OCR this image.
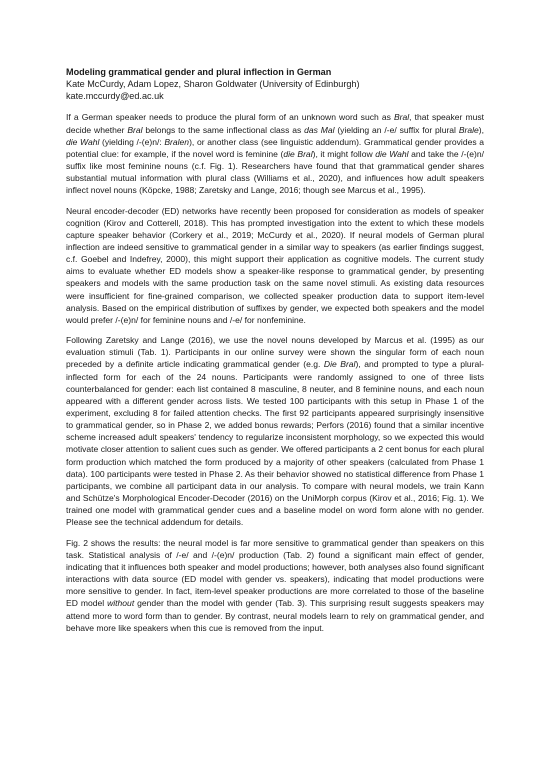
Modeling grammatical gender and plural inflection in German

Kate McCurdy, Adam Lopez, Sharon Goldwater (University of Edinburgh)

kate.mccurdy@ed.ac.uk

If a German speaker needs to produce the plural form of an unknown word such as Bral, that speaker must decide whether Bral belongs to the same inflectional class as das Mal (yielding an /-e/ suffix for plural Brale), die Wahl (yielding /-(e)n/: Bralen), or another class (see linguistic addendum). Grammatical gender provides a potential clue: for example, if the novel word is feminine (die Bral), it might follow die Wahl and take the /-(e)n/ suffix like most feminine nouns (c.f. Fig. 1). Researchers have found that that grammatical gender shares substantial mutual information with plural class (Williams et al., 2020), and influences how adult speakers inflect novel nouns (Köpcke, 1988; Zaretsky and Lange, 2016; though see Marcus et al., 1995).

Neural encoder-decoder (ED) networks have recently been proposed for consideration as models of speaker cognition (Kirov and Cotterell, 2018). This has prompted investigation into the extent to which these models capture speaker behavior (Corkery et al., 2019; McCurdy et al., 2020). If neural models of German plural inflection are indeed sensitive to grammatical gender in a similar way to speakers (as earlier findings suggest, c.f. Goebel and Indefrey, 2000), this might support their application as cognitive models. The current study aims to evaluate whether ED models show a speaker-like response to grammatical gender, by presenting speakers and models with the same production task on the same novel stimuli. As existing data resources were insufficient for fine-grained comparison, we collected speaker production data to support item-level analysis. Based on the empirical distribution of suffixes by gender, we expected both speakers and the model would prefer /-(e)n/ for feminine nouns and /-e/ for nonfeminine.

Following Zaretsky and Lange (2016), we use the novel nouns developed by Marcus et al. (1995) as our evaluation stimuli (Tab. 1). Participants in our online survey were shown the singular form of each noun preceded by a definite article indicating grammatical gender (e.g. Die Bral), and prompted to type a plural-inflected form for each of the 24 nouns. Participants were randomly assigned to one of three lists counterbalanced for gender: each list contained 8 masculine, 8 neuter, and 8 feminine nouns, and each noun appeared with a different gender across lists. We tested 100 participants with this setup in Phase 1 of the experiment, excluding 8 for failed attention checks. The first 92 participants appeared surprisingly insensitive to grammatical gender, so in Phase 2, we added bonus rewards; Perfors (2016) found that a similar incentive scheme increased adult speakers' tendency to regularize inconsistent morphology, so we expected this would motivate closer attention to salient cues such as gender. We offered participants a 2 cent bonus for each plural form production which matched the form produced by a majority of other speakers (calculated from Phase 1 data). 100 participants were tested in Phase 2. As their behavior showed no statistical difference from Phase 1 participants, we combine all participant data in our analysis. To compare with neural models, we train Kann and Schütze's Morphological Encoder-Decoder (2016) on the UniMorph corpus (Kirov et al., 2016; Fig. 1). We trained one model with grammatical gender cues and a baseline model on word form alone with no gender. Please see the technical addendum for details.

Fig. 2 shows the results: the neural model is far more sensitive to grammatical gender than speakers on this task. Statistical analysis of /-e/ and /-(e)n/ production (Tab. 2) found a significant main effect of gender, indicating that it influences both speaker and model productions; however, both analyses also found significant interactions with data source (ED model with gender vs. speakers), indicating that model productions were more sensitive to gender. In fact, item-level speaker productions are more correlated to those of the baseline ED model without gender than the model with gender (Tab. 3). This surprising result suggests speakers may attend more to word form than to gender. By contrast, neural models learn to rely on grammatical gender, and behave more like speakers when this cue is removed from the input.
